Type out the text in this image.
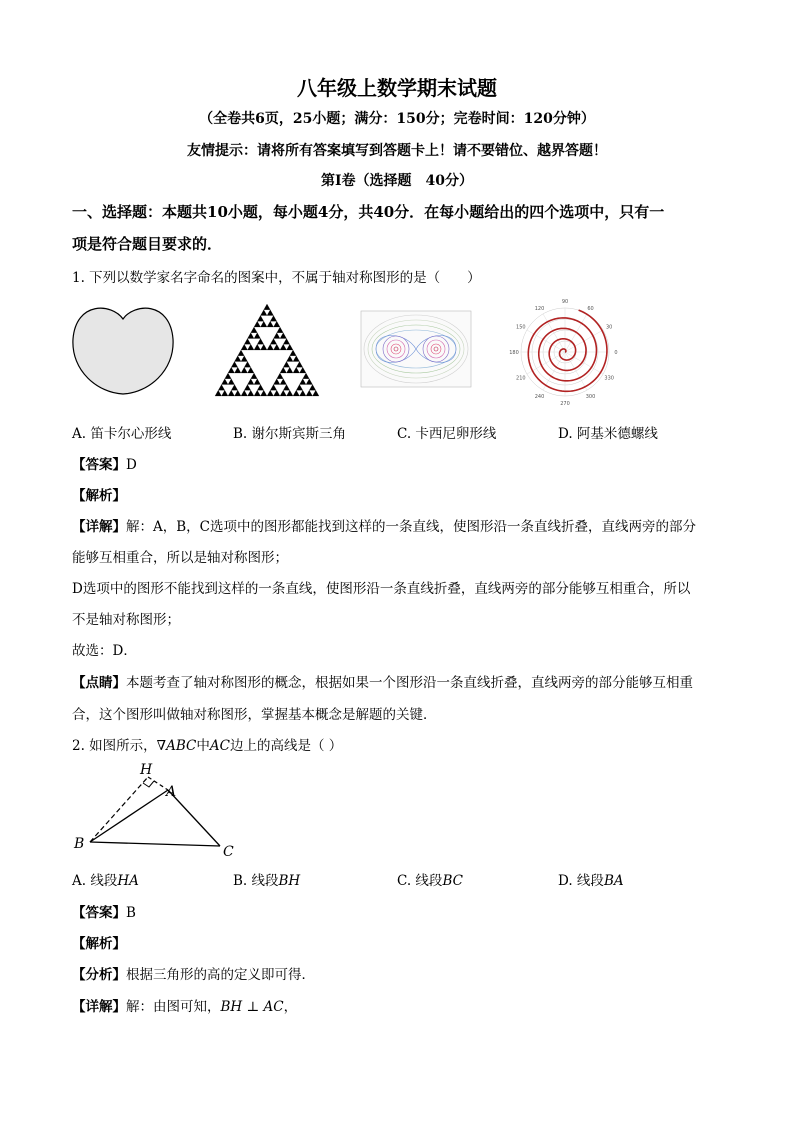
八年级上数学期末试题
（全卷共6页，25小题；满分：150分；完卷时间：120分钟）
友情提示：请将所有答案填写到答题卡上！请不要错位、越界答题！
第Ⅰ卷（选择题　40分）
一、选择题：本题共10小题，每小题4分，共40分．在每小题给出的四个选项中，只有一
项是符合题目要求的．
1. 下列以数学家名字命名的图案中，不属于轴对称图形的是（　　）
90
120	60
150	30
180	0
210	330
240	300
270
A. 笛卡尔心形线	B. 谢尔斯宾斯三角	C. 卡西尼卵形线	D. 阿基米德螺线
【 答案 】 D
【 解析 】
【 详解 】 解：A，B，C选项中的图形都能找到这样的一条直线，使图形沿一条直线折叠，直线两旁的部分
能够互相重合，所以是轴对称图形；
D选项中的图形不能找到这样的一条直线，使图形沿一条直线折叠，直线两旁的部分能够互相重合，所以
不是轴对称图形；
故选：D．
【 点睛 】 本题考查了轴对称图形的概念，根据如果一个图形沿一条直线折叠，直线两旁的部分能够互相重
合，这个图形叫做轴对称图形，掌握基本概念是解题的关键．
2. 如图所示，∇ABC中AC边上的高线是（ ）
H
A
B	C
A. 线段HA	B. 线段BH	C. 线段BC	D. 线段BA
【 答案 】 B
【 解析 】
【 分析 】 根据三角形的高的定义即可得．
【 详解 】 解：由图可知，BH ⊥ AC，
